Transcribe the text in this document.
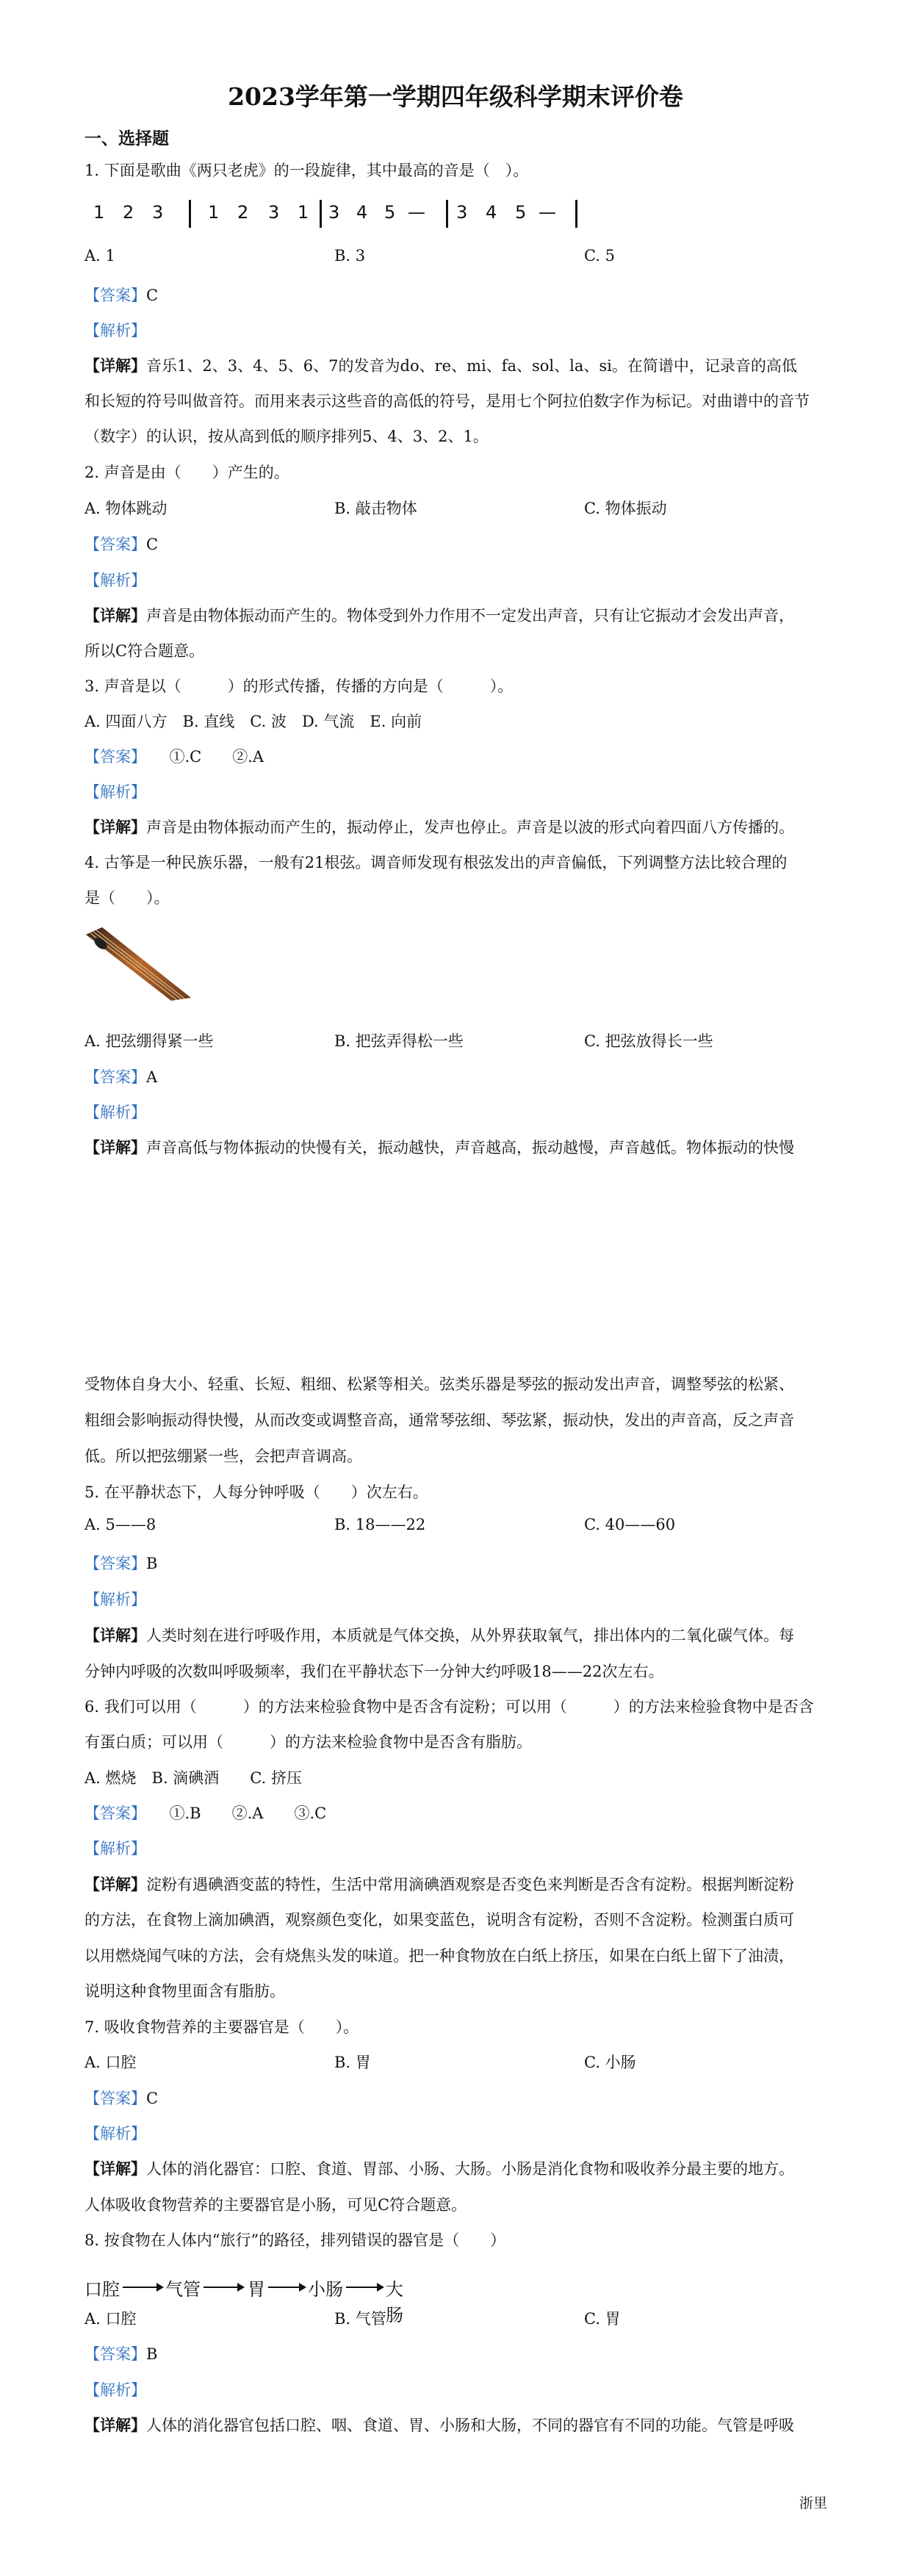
2023学年第一学期四年级科学期末评价卷
一、选择题
1. 下面是歌曲《两只老虎》的一段旋律，其中最高的音是（　）。
1 2 3	1 2 3 1 3 4 5 — 3 4 5 —
A. 1	B. 3	C. 5
【答案】C
【解析】
【详解】音乐1、2、3、4、5、6、7的发音为do、re、mi、fa、sol、la、si。在简谱中，记录音的高低
和长短的符号叫做音符。而用来表示这些音的高低的符号，是用七个阿拉伯数字作为标记。对曲谱中的音节
（数字）的认识，按从高到低的顺序排列5、4、3、2、1。
2. 声音是由（　　）产生的。
A. 物体跳动	B. 敲击物体	C. 物体振动
【答案】C
【解析】
【详解】声音是由物体振动而产生的。物体受到外力作用不一定发出声音，只有让它振动才会发出声音，
所以C符合题意。
3. 声音是以（　　　）的形式传播，传播的方向是（　　　）。
A. 四面八方　B. 直线　C. 波　D. 气流　E. 向前
【答案】　　 ①.C　　②.A
【解析】
【详解】声音是由物体振动而产生的，振动停止，发声也停止。声音是以波的形式向着四面八方传播的。
4. 古筝是一种民族乐器，一般有21根弦。调音师发现有根弦发出的声音偏低，下列调整方法比较合理的
是（　　）。
A. 把弦绷得紧一些	B. 把弦弄得松一些	C. 把弦放得长一些
【答案】A
【解析】
【详解】声音高低与物体振动的快慢有关，振动越快，声音越高，振动越慢，声音越低。物体振动的快慢
受物体自身大小、轻重、长短、粗细、松紧等相关。弦类乐器是琴弦的振动发出声音，调整琴弦的松紧、
粗细会影响振动得快慢，从而改变或调整音高，通常琴弦细、琴弦紧，振动快，发出的声音高，反之声音
低。所以把弦绷紧一些，会把声音调高。
5. 在平静状态下，人每分钟呼吸（　　）次左右。
A. 5——8	B. 18——22	C. 40——60
【答案】B
【解析】
【详解】人类时刻在进行呼吸作用，本质就是气体交换，从外界获取氧气，排出体内的二氧化碳气体。每
分钟内呼吸的次数叫呼吸频率，我们在平静状态下一分钟大约呼吸18——22次左右。
6. 我们可以用（　　　）的方法来检验食物中是否含有淀粉；可以用（　　　）的方法来检验食物中是否含
有蛋白质；可以用（　　　）的方法来检验食物中是否含有脂肪。
A. 燃烧　B. 滴碘酒　　C. 挤压
【答案】　　 ①.B　　②.A　　③.C
【解析】
【详解】淀粉有遇碘酒变蓝的特性，生活中常用滴碘酒观察是否变色来判断是否含有淀粉。根据判断淀粉
的方法，在食物上滴加碘酒，观察颜色变化，如果变蓝色，说明含有淀粉，否则不含淀粉。检测蛋白质可
以用燃烧闻气味的方法，会有烧焦头发的味道。把一种食物放在白纸上挤压，如果在白纸上留下了油渍，
说明这种食物里面含有脂肪。
7. 吸收食物营养的主要器官是（　　）。
A. 口腔	B. 胃	C. 小肠
【答案】C
【解析】
【详解】人体的消化器官：口腔、食道、胃部、小肠、大肠。小肠是消化食物和吸收养分最主要的地方。
人体吸收食物营养的主要器官是小肠，可见C符合题意。
8. 按食物在人体内“旅行”的路径，排列错误的器官是（　　）
口腔	气管	胃 小肠 大肠
A. 口腔	B. 气管	C. 胃
【答案】B
【解析】
【详解】人体的消化器官包括口腔、咽、食道、胃、小肠和大肠，不同的器官有不同的功能。气管是呼吸
浙里
